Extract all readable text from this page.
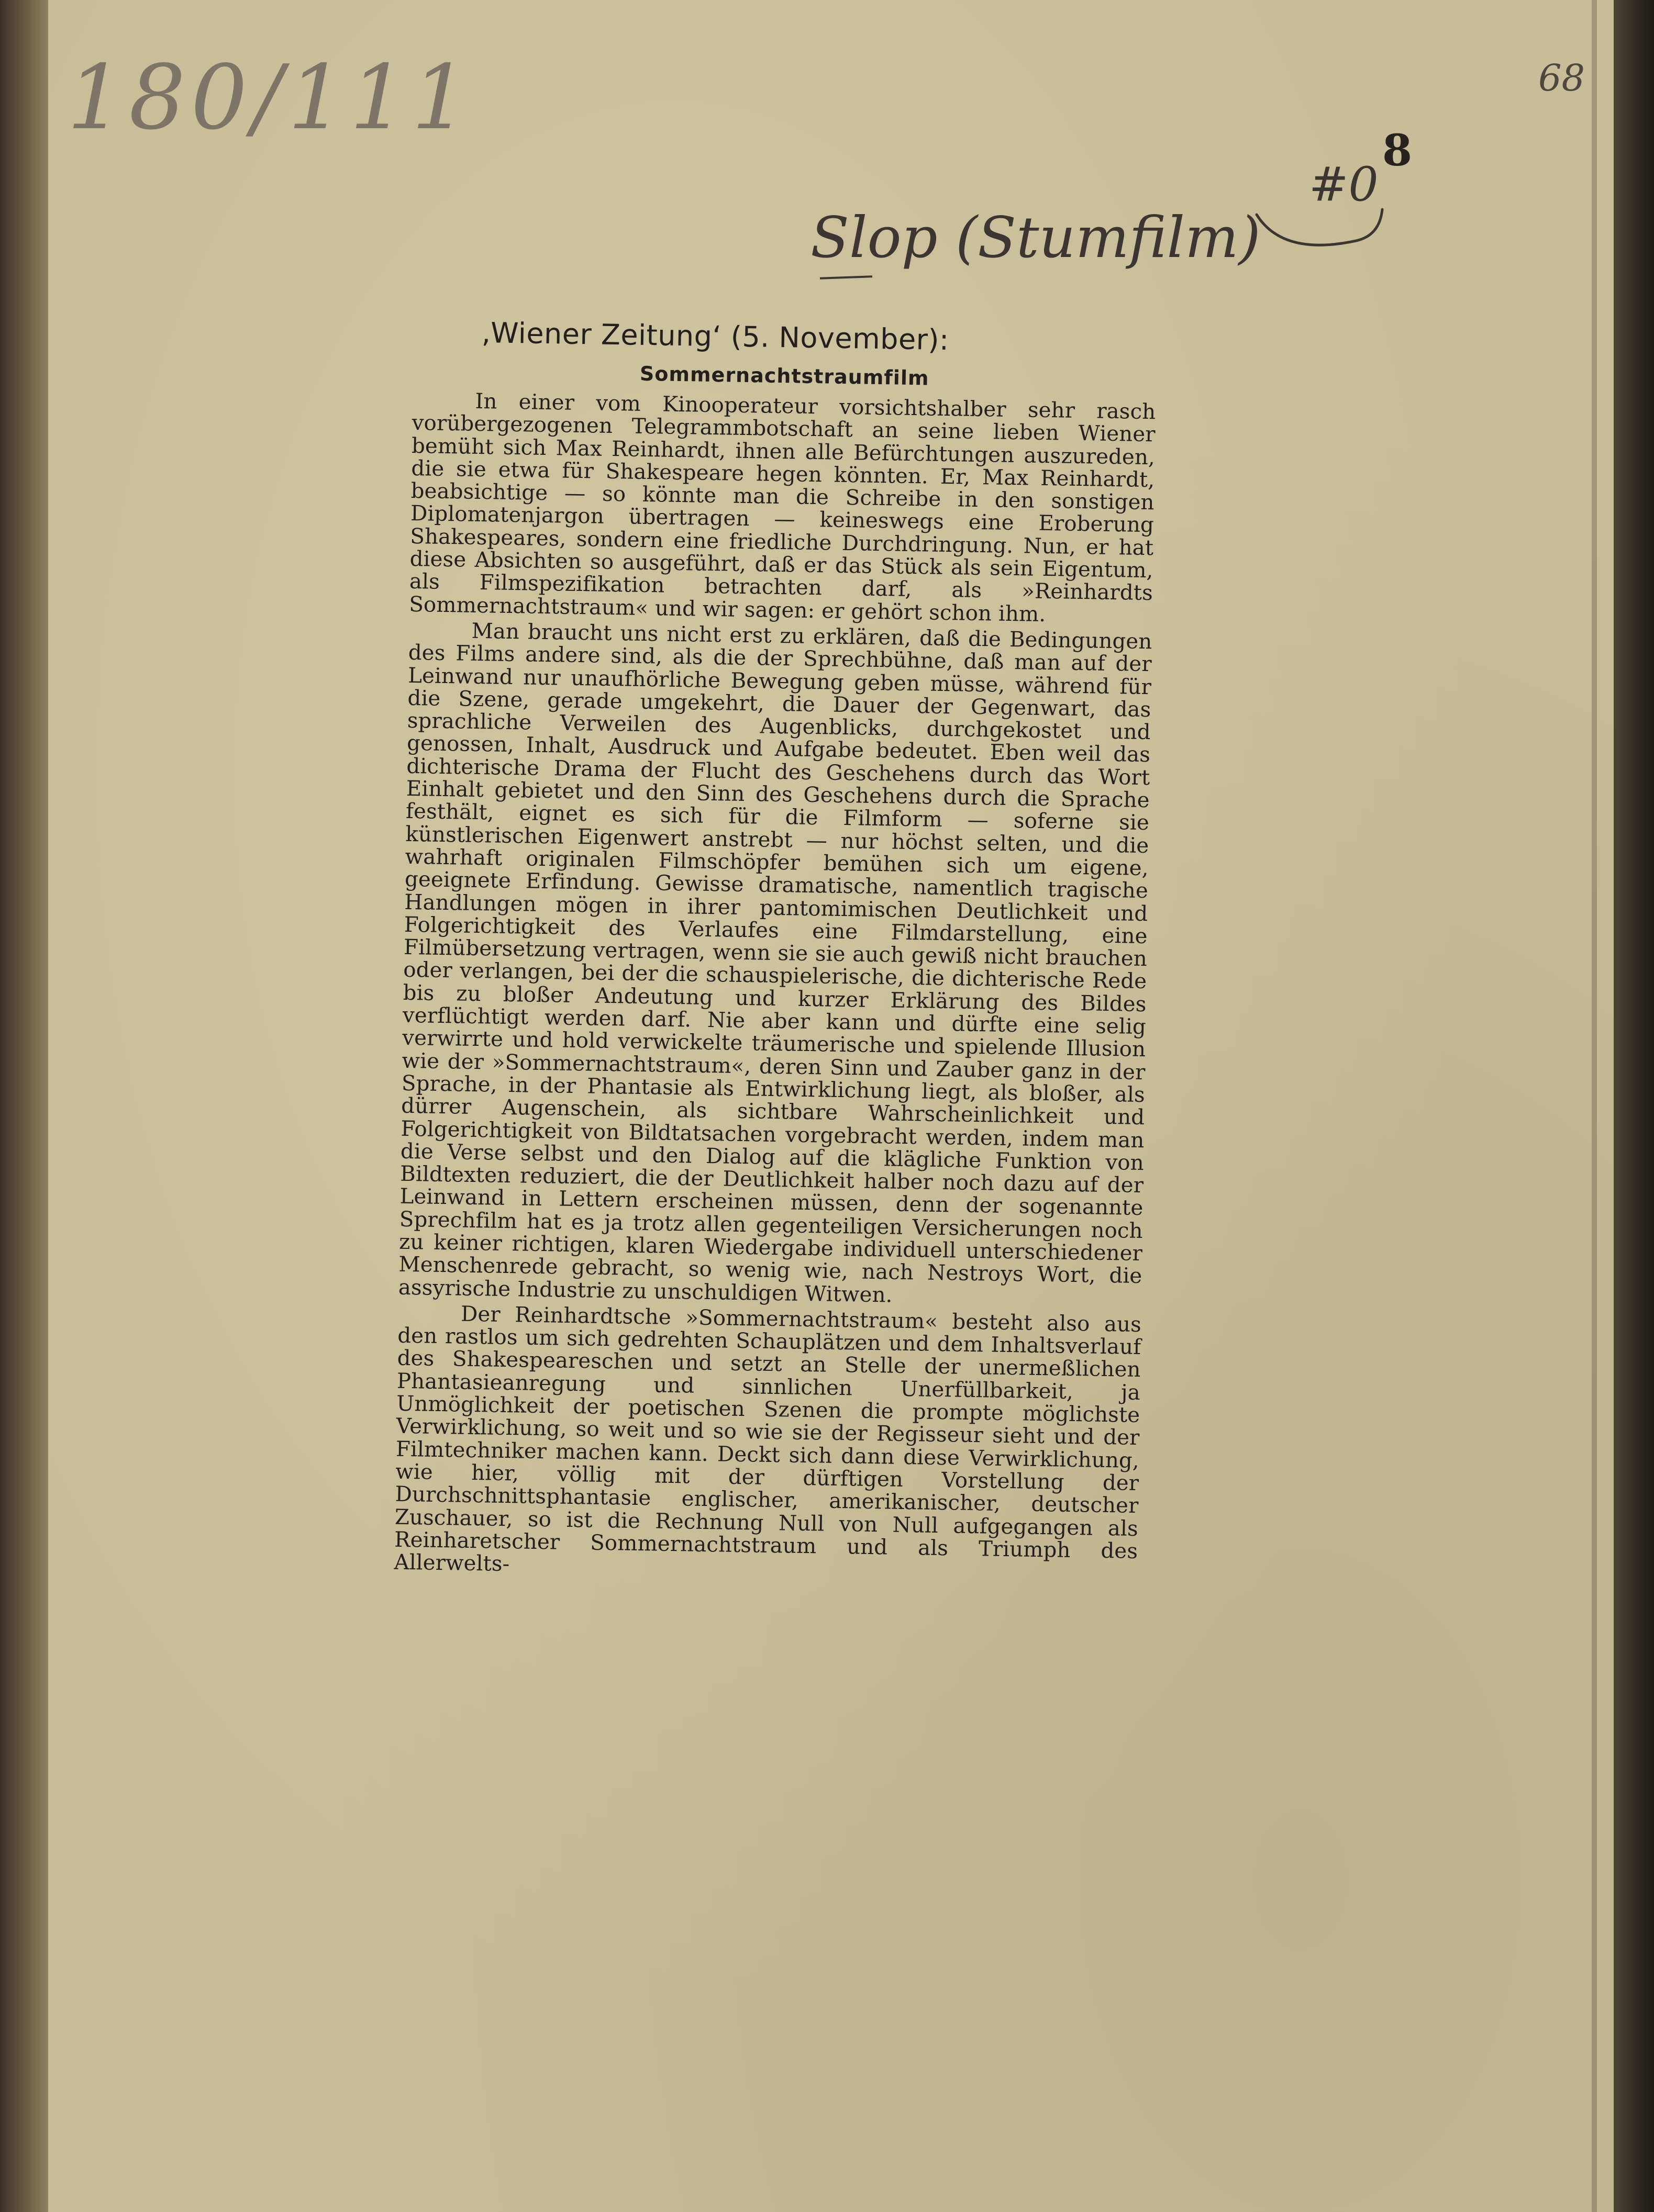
180/111	68
Slop (Stumfilm)
#0
8
‚Wiener Zeitung‘ (5. November):
Sommernachtstraumfilm

In einer vom Kinooperateur vorsichtshalber sehr rasch vorübergezogenen Telegrammbotschaft an seine lieben Wiener bemüht sich Max Reinhardt, ihnen alle Befürchtungen auszureden, die sie etwa für Shakespeare hegen könnten. Er, Max Reinhardt, beabsichtige — so könnte man die Schreibe in den sonstigen Diplomatenjargon übertragen — keineswegs eine Eroberung Shakespeares, sondern eine friedliche Durchdringung. Nun, er hat diese Absichten so ausgeführt, daß er das Stück als sein Eigentum, als Filmspezifikation betrachten darf, als »Reinhardts Sommernachtstraum« und wir sagen: er gehört schon ihm.

Man braucht uns nicht erst zu erklären, daß die Bedingungen des Films andere sind, als die der Sprechbühne, daß man auf der Leinwand nur unaufhörliche Bewegung geben müsse, während für die Szene, gerade umgekehrt, die Dauer der Gegenwart, das sprachliche Verweilen des Augenblicks, durchgekostet und genossen, Inhalt, Ausdruck und Aufgabe bedeutet. Eben weil das dichterische Drama der Flucht des Geschehens durch das Wort Einhalt gebietet und den Sinn des Geschehens durch die Sprache festhält, eignet es sich für die Filmform — soferne sie künstlerischen Eigenwert anstrebt — nur höchst selten, und die wahrhaft originalen Filmschöpfer bemühen sich um eigene, geeignete Erfindung. Gewisse dramatische, namentlich tragische Handlungen mögen in ihrer pantomimischen Deutlichkeit und Folgerichtigkeit des Verlaufes eine Filmdarstellung, eine Filmübersetzung vertragen, wenn sie sie auch gewiß nicht brauchen oder verlangen, bei der die schauspielerische, die dichterische Rede bis zu bloßer Andeutung und kurzer Erklärung des Bildes verflüchtigt werden darf. Nie aber kann und dürfte eine selig verwirrte und hold verwickelte träumerische und spielende Illusion wie der »Sommernachtstraum«, deren Sinn und Zauber ganz in der Sprache, in der Phantasie als Entwirklichung liegt, als bloßer, als dürrer Augenschein, als sichtbare Wahrscheinlichkeit und Folgerichtigkeit von Bildtatsachen vorgebracht werden, indem man die Verse selbst und den Dialog auf die klägliche Funktion von Bildtexten reduziert, die der Deutlichkeit halber noch dazu auf der Leinwand in Lettern erscheinen müssen, denn der sogenannte Sprechfilm hat es ja trotz allen gegenteiligen Versicherungen noch zu keiner richtigen, klaren Wiedergabe individuell unterschiedener Menschenrede gebracht, so wenig wie, nach Nestroys Wort, die assyrische Industrie zu unschuldigen Witwen.

Der Reinhardtsche »Sommernachtstraum« besteht also aus den rastlos um sich gedrehten Schauplätzen und dem Inhaltsverlauf des Shakespeareschen und setzt an Stelle der unermeßlichen Phantasieanregung und sinnlichen Unerfüllbarkeit, ja Unmöglichkeit der poetischen Szenen die prompte möglichste Verwirklichung, so weit und so wie sie der Regisseur sieht und der Filmtechniker machen kann. Deckt sich dann diese Verwirklichung, wie hier, völlig mit der dürftigen Vorstellung der Durchschnittsphantasie englischer, amerikanischer, deutscher Zuschauer, so ist die Rechnung Null von Null aufgegangen als Reinharetscher Sommernachtstraum und als Triumph des Allerwelts-
